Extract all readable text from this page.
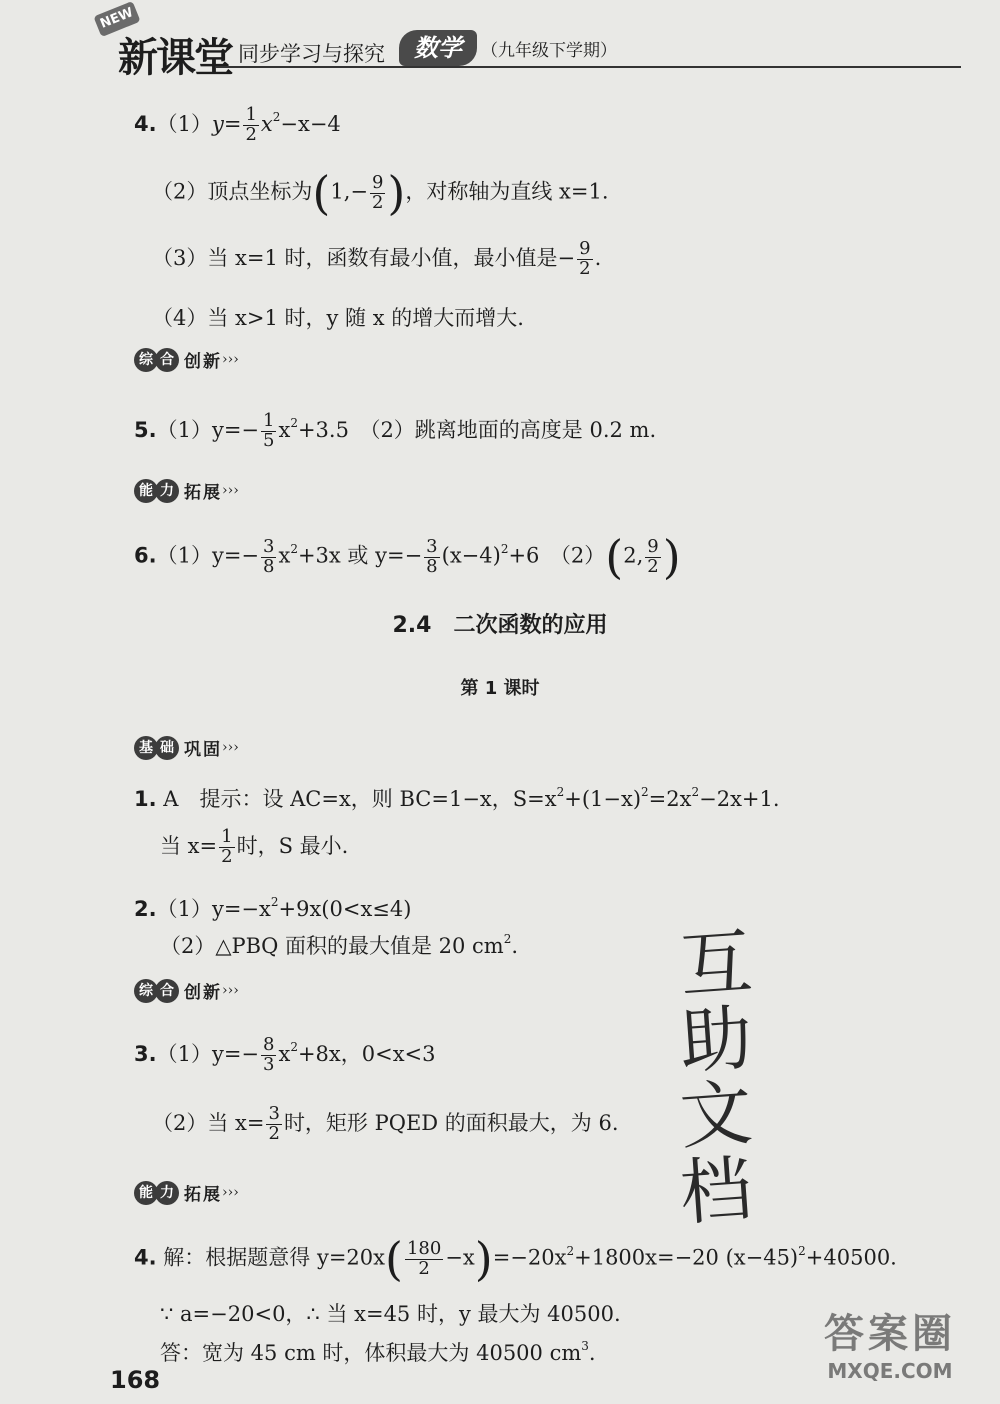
NEW
新课堂 同步学习与探究	数学	（九年级下学期）
$4.(1)y= \frac{1}{2} x^2-x-4$
（2）顶点坐标为($1,- \frac{9}{2}$ )，对称轴为直线 x=1.
（3）当 x=1 时，函数有最小值，最小值是− $\frac{9}{2}$ .
（4）当 x>1 时，y 随 x 的增大而增大.
综 合 创新›››
$5.(1)y=- \frac{1}{5} x^2+3.5$　（2）跳离地面的高度是 0.2 m.
能 力 拓展›››
$6.(1)y=- \frac{3}{8} x^2+3x$ 或 $y=- \frac{3}{8} (x-4)^2+6$　（2）(2, $\frac{9}{2}$ )
2.4　二次函数的应用
第 1 课时
基 础 巩固›››
1. A　提示：设 AC=x，则 BC=1−x，$S=x^2+(1-x)^2=2x^2-2x+1$.
当 $x= \frac{1}{2}$ 时，S 最小.
$2.(1)y=-x^2+9x(0<x\le 4)$
（2）△PBQ 面积的最大值是 20 $cm^2$.
综 合 创新›››
$3.(1)y=- \frac{8}{3} x^2+8x$，0<x<3
（2）当 $x= \frac{3}{2}$ 时，矩形 PQED 的面积最大，为 6.
能 力 拓展›››
4. 解：根据题意得 $y=20x( \frac{180}{2} -x)=-20x^2+1800x=-20$ $(x-45)^2+40500$.
∵ a=−20<0，∴ 当 x=45 时，y 最大为 40500.
答：宽为 45 cm 时，体积最大为 40500 $cm^3$.
互
助
文
档
168
答案圈
MXQE.COM
